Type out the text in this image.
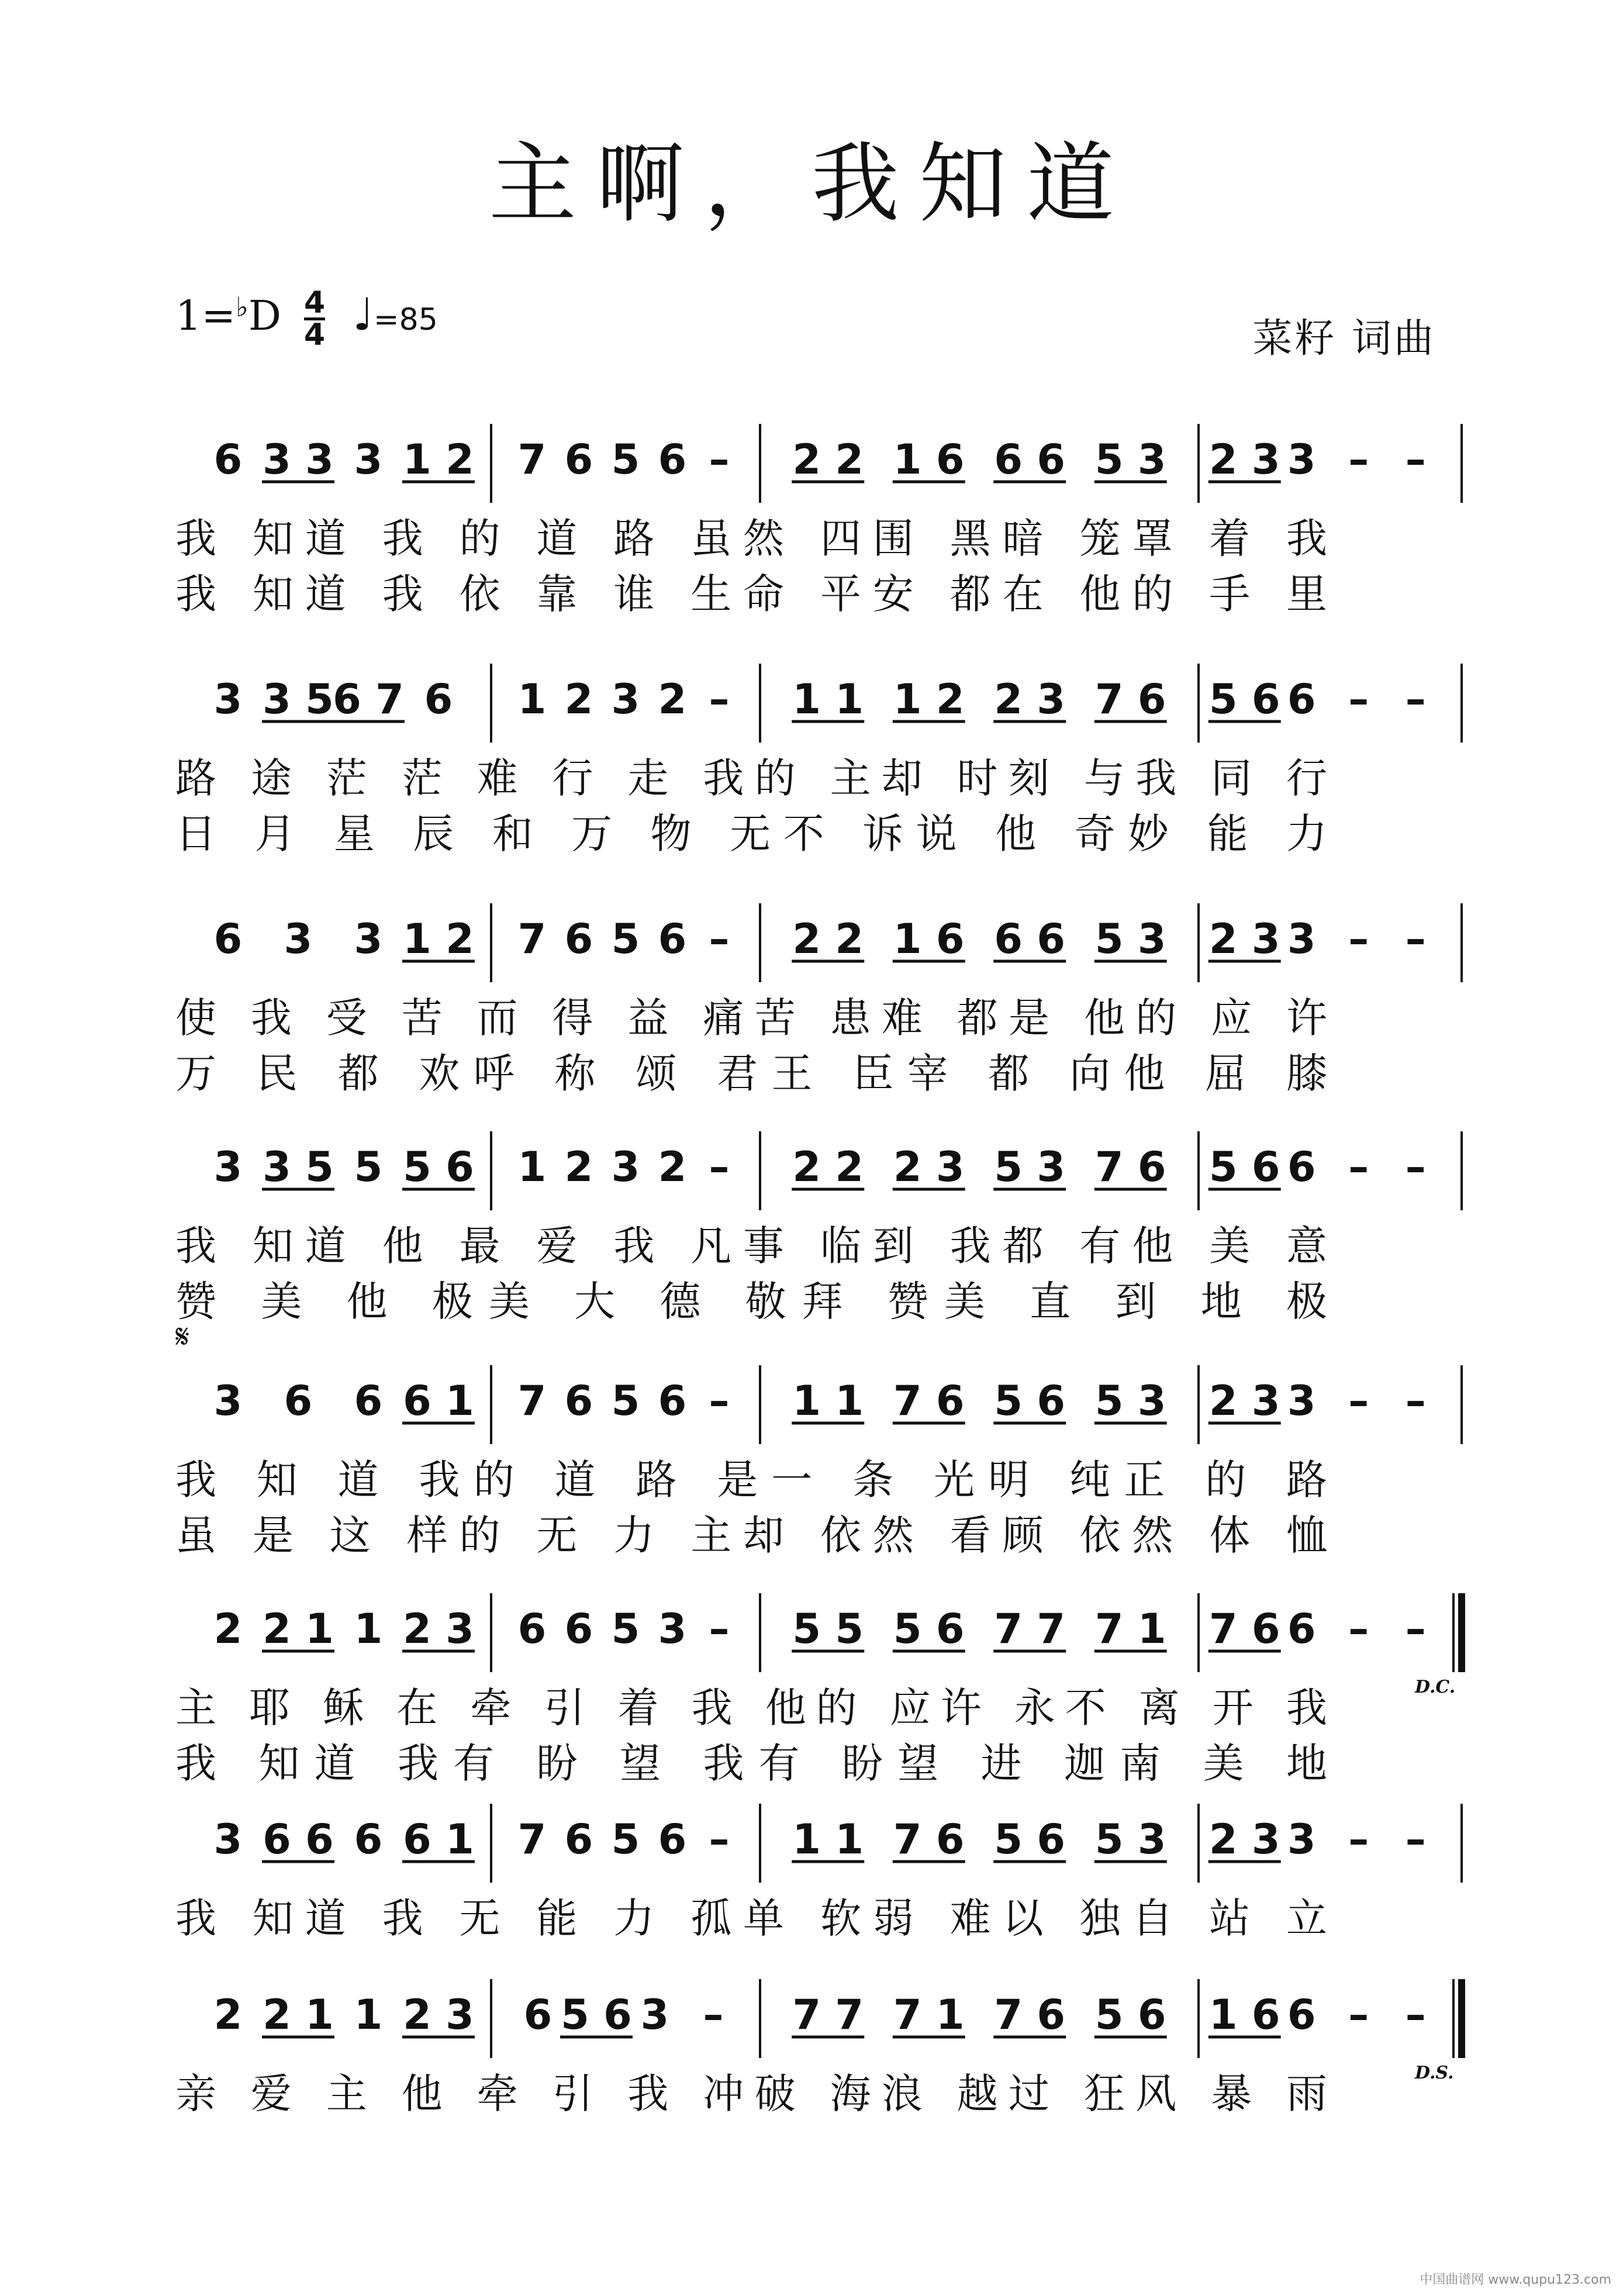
主啊，我知道
$1=^♭D \frac{4}{4}$ ♩=85	菜籽 词曲
6 3 3 3 1 2 7 6 5 6 – 2 2 1 6 6 6 5 3 2 3 3 – –
我 知道 我 的 道 路 虽然 四围 黑暗 笼罩 着 我
我 知道 我 依 靠 谁 生命 平安 都在 他的 手 里
3 3 5
6 7 6 1 2 3 2 – 1 1 1 2 2 3 7 6 5 6 6 – –
路 途 茫 茫 难 行 走 我的 主却 时刻 与我 同 行
日 月 星 辰 和 万 物 无不 诉说 他 奇妙 能 力
6 3 3 1 2 7 6 5 6 – 2 2 1 6 6 6 5 3 2 3 3 – –
使 我 受 苦 而 得 益 痛苦 患难 都是 他的 应 许
万 民 都 欢呼 称 颂 君王 臣宰 都 向他 屈 膝
3 3 5 5 5 6 1 2 3 2 – 2 2 2 3 5 3 7 6 5 6 6 – –
我 知道 他 最 爱 我 凡事 临到 我都 有他 美 意
赞 美 他 极美 大 德 敬拜 赞美 直 到 地 极
3 6 6 6 1 7 6 5 6 – 1 1 7 6 5 6 5 3 2 3 3 – –
我 知 道 我的 道 路 是一 条 光明 纯正 的 路
虽 是 这 样的 无 力 主却 依然 看顾 依然 体 恤
𝄋
2 2 1 1 2 3 6 6 5 3 – 5 5 5 6 7 7 7 1 7 6 6 – –
主 耶 稣 在 牵 引 着 我 他的 应许 永不 离 开 我
我 知道 我有 盼 望 我有 盼望 进 迦南 美 地
D.C.
3 6 6 6 6 1 7 6 5 6 – 1 1 7 6 5 6 5 3 2 3 3 – –
我 知道 我 无 能 力 孤单 软弱 难以 独自 站 立
2 2 1 1 2 3 6 5 6 3 – 7 7 7 1 7 6 5 6 1 6 6 – –
亲 爱 主 他 牵 引 我 冲破 海浪 越过 狂风 暴 雨	D.S.
中国曲谱网 www.qupu123.com
